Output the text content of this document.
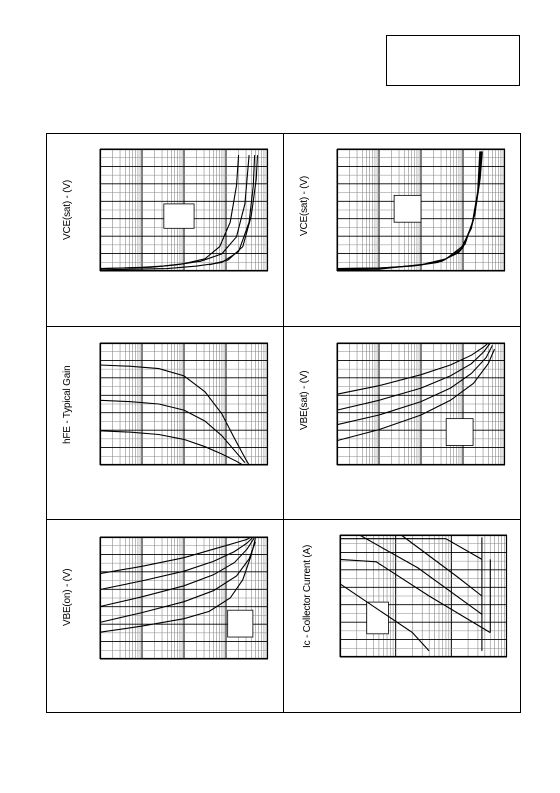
VCE(sat) - (V)	VCE(sat) - (V)
hFE - Typical Gain	VBE(sat) - (V)
VBE(on) - (V)	Ic - Collector Current (A)
